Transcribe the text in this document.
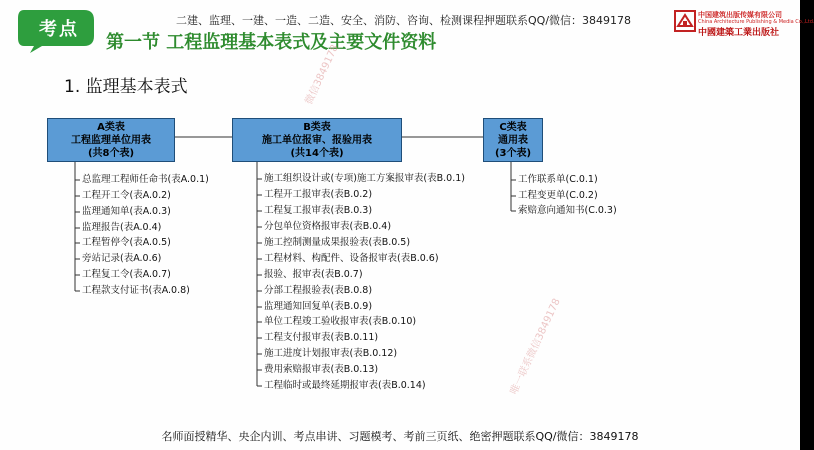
考点	二建、监理、一建、一造、二造、安全、消防、咨询、检测课程押题联系QQ/微信：3849178
第一节 工程监理基本表式及主要文件资料
中国建筑出版传媒有限公司
China Architecture Publishing & Media Co.,Ltd.
中國建築工業出版社
1. 监理基本表式
A类表
工程监理单位用表
(共8个表)
总监理工程师任命书(表A.0.1)
工程开工令(表A.0.2)
监理通知单(表A.0.3)
监理报告(表A.0.4)
工程暂停令(表A.0.5)
旁站记录(表A.0.6)
工程复工令(表A.0.7)
工程款支付证书(表A.0.8)
B类表
施工单位报审、报验用表
(共14个表)
施工组织设计或(专项)施工方案报审表(表B.0.1)
工程开工报审表(表B.0.2)
工程复工报审表(表B.0.3)
分包单位资格报审表(表B.0.4)
施工控制测量成果报验表(表B.0.5)
工程材料、构配件、设备报审表(表B.0.6)
报验、报审表(表B.0.7)
分部工程报验表(表B.0.8)
监理通知回复单(表B.0.9)
单位工程竣工验收报审表(表B.0.10)
工程支付报审表(表B.0.11)
施工进度计划报审表(表B.0.12)
费用索赔报审表(表B.0.13)
工程临时或最终延期报审表(表B.0.14)
C类表
通用表
(3个表)
工作联系单(C.0.1)
工程变更单(C.0.2)
索赔意向通知书(C.0.3)
微信3849178
唯一联系微信3849178
名师面授精华、央企内训、考点串讲、习题模考、考前三页纸、绝密押题联系QQ/微信：3849178
